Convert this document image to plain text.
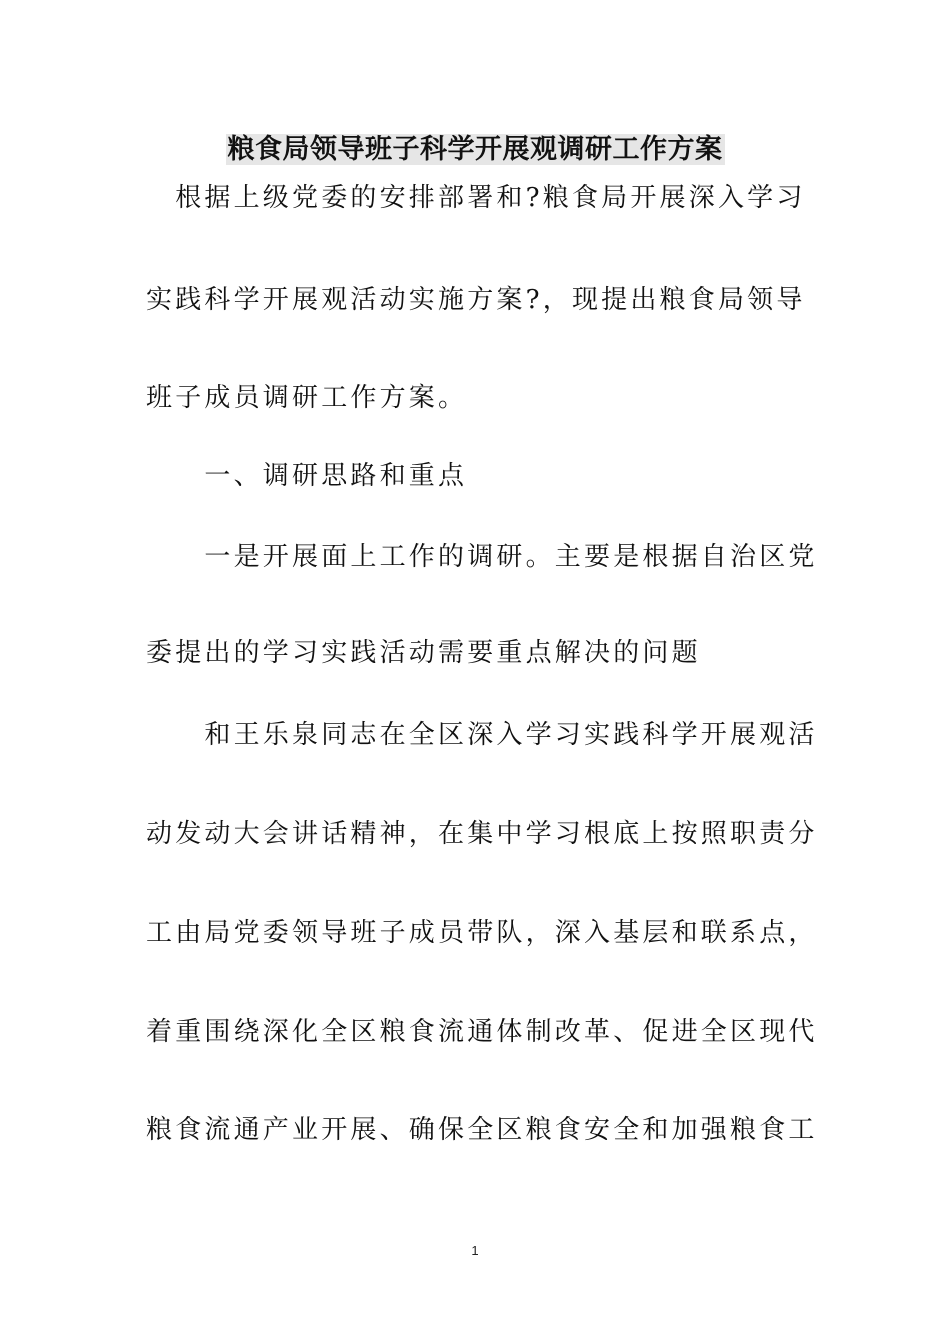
粮食局领导班子科学开展观调研工作方案
　根据上级党委的安排部署和?粮食局开展深入学习
实践科学开展观活动实施方案?，现提出粮食局领导
班子成员调研工作方案。
　　一、调研思路和重点
　　一是开展面上工作的调研。主要是根据自治区党
委提出的学习实践活动需要重点解决的问题
　　和王乐泉同志在全区深入学习实践科学开展观活
动发动大会讲话精神，在集中学习根底上按照职责分
工由局党委领导班子成员带队，深入基层和联系点，
着重围绕深化全区粮食流通体制改革、促进全区现代
粮食流通产业开展、确保全区粮食安全和加强粮食工
1
